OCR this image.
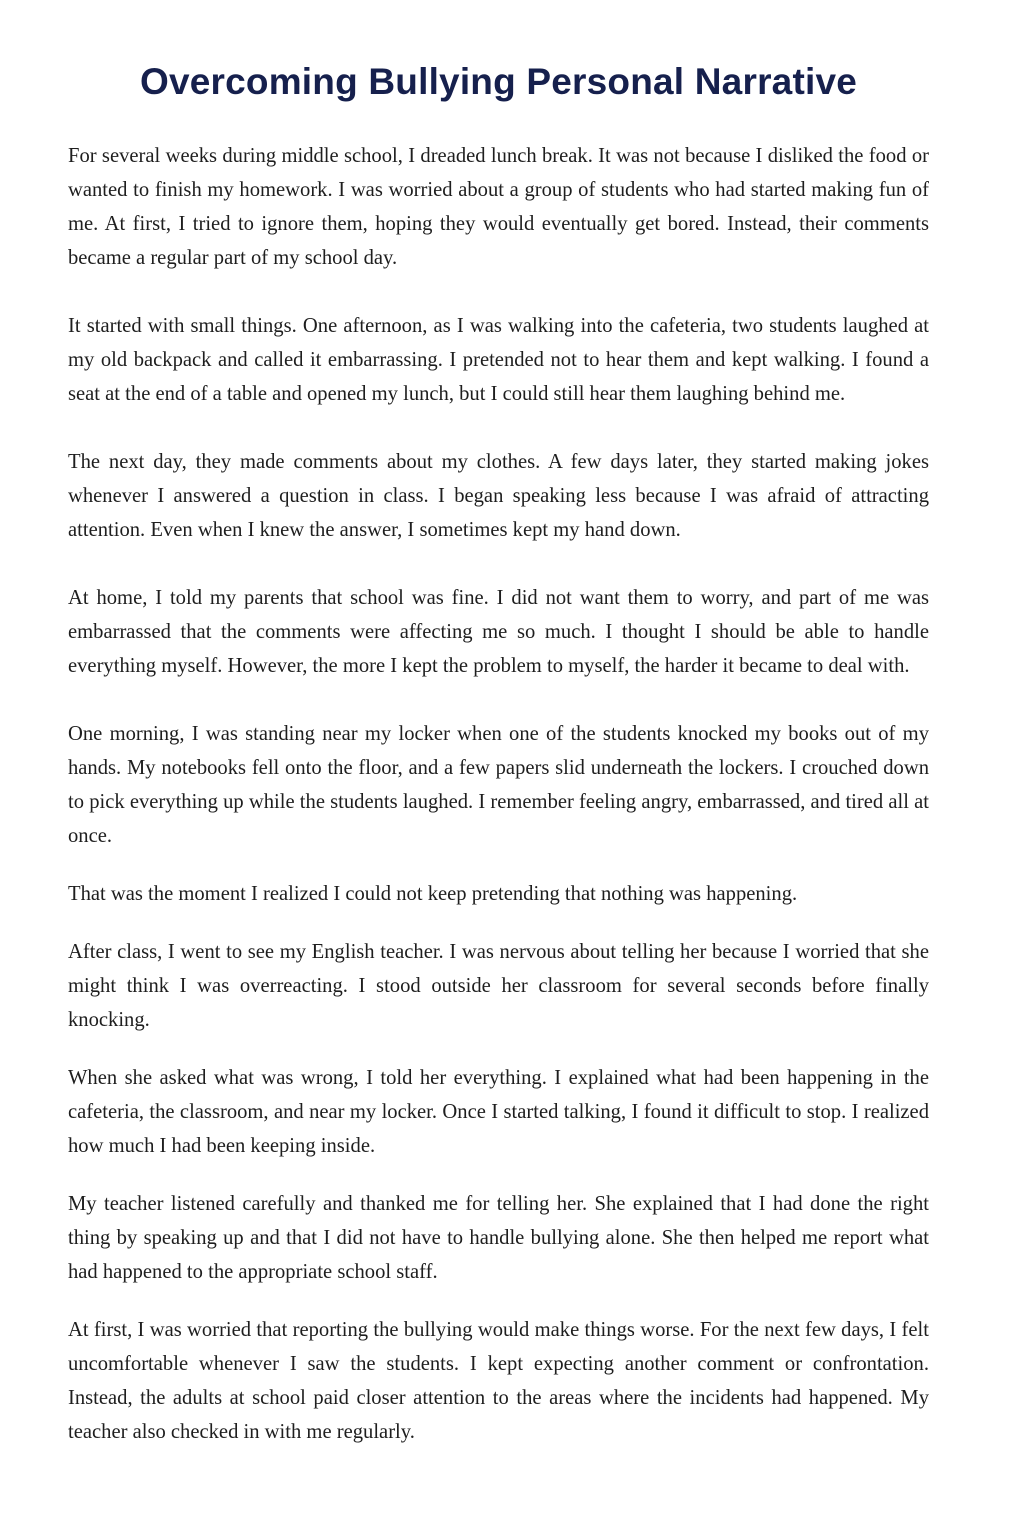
Overcoming Bullying Personal Narrative

For several weeks during middle school, I dreaded lunch break. It was not because I disliked the food or wanted to finish my homework. I was worried about a group of students who had started making fun of me. At first, I tried to ignore them, hoping they would eventually get bored. Instead, their comments became a regular part of my school day.

It started with small things. One afternoon, as I was walking into the cafeteria, two students laughed at my old backpack and called it embarrassing. I pretended not to hear them and kept walking. I found a seat at the end of a table and opened my lunch, but I could still hear them laughing behind me.

The next day, they made comments about my clothes. A few days later, they started making jokes whenever I answered a question in class. I began speaking less because I was afraid of attracting attention. Even when I knew the answer, I sometimes kept my hand down.

At home, I told my parents that school was fine. I did not want them to worry, and part of me was embarrassed that the comments were affecting me so much. I thought I should be able to handle everything myself. However, the more I kept the problem to myself, the harder it became to deal with.

One morning, I was standing near my locker when one of the students knocked my books out of my hands. My notebooks fell onto the floor, and a few papers slid underneath the lockers. I crouched down to pick everything up while the students laughed. I remember feeling angry, embarrassed, and tired all at once.

That was the moment I realized I could not keep pretending that nothing was happening.

After class, I went to see my English teacher. I was nervous about telling her because I worried that she might think I was overreacting. I stood outside her classroom for several seconds before finally knocking.

When she asked what was wrong, I told her everything. I explained what had been happening in the cafeteria, the classroom, and near my locker. Once I started talking, I found it difficult to stop. I realized how much I had been keeping inside.

My teacher listened carefully and thanked me for telling her. She explained that I had done the right thing by speaking up and that I did not have to handle bullying alone. She then helped me report what had happened to the appropriate school staff.

At first, I was worried that reporting the bullying would make things worse. For the next few days, I felt uncomfortable whenever I saw the students. I kept expecting another comment or confrontation. Instead, the adults at school paid closer attention to the areas where the incidents had happened. My teacher also checked in with me regularly.
